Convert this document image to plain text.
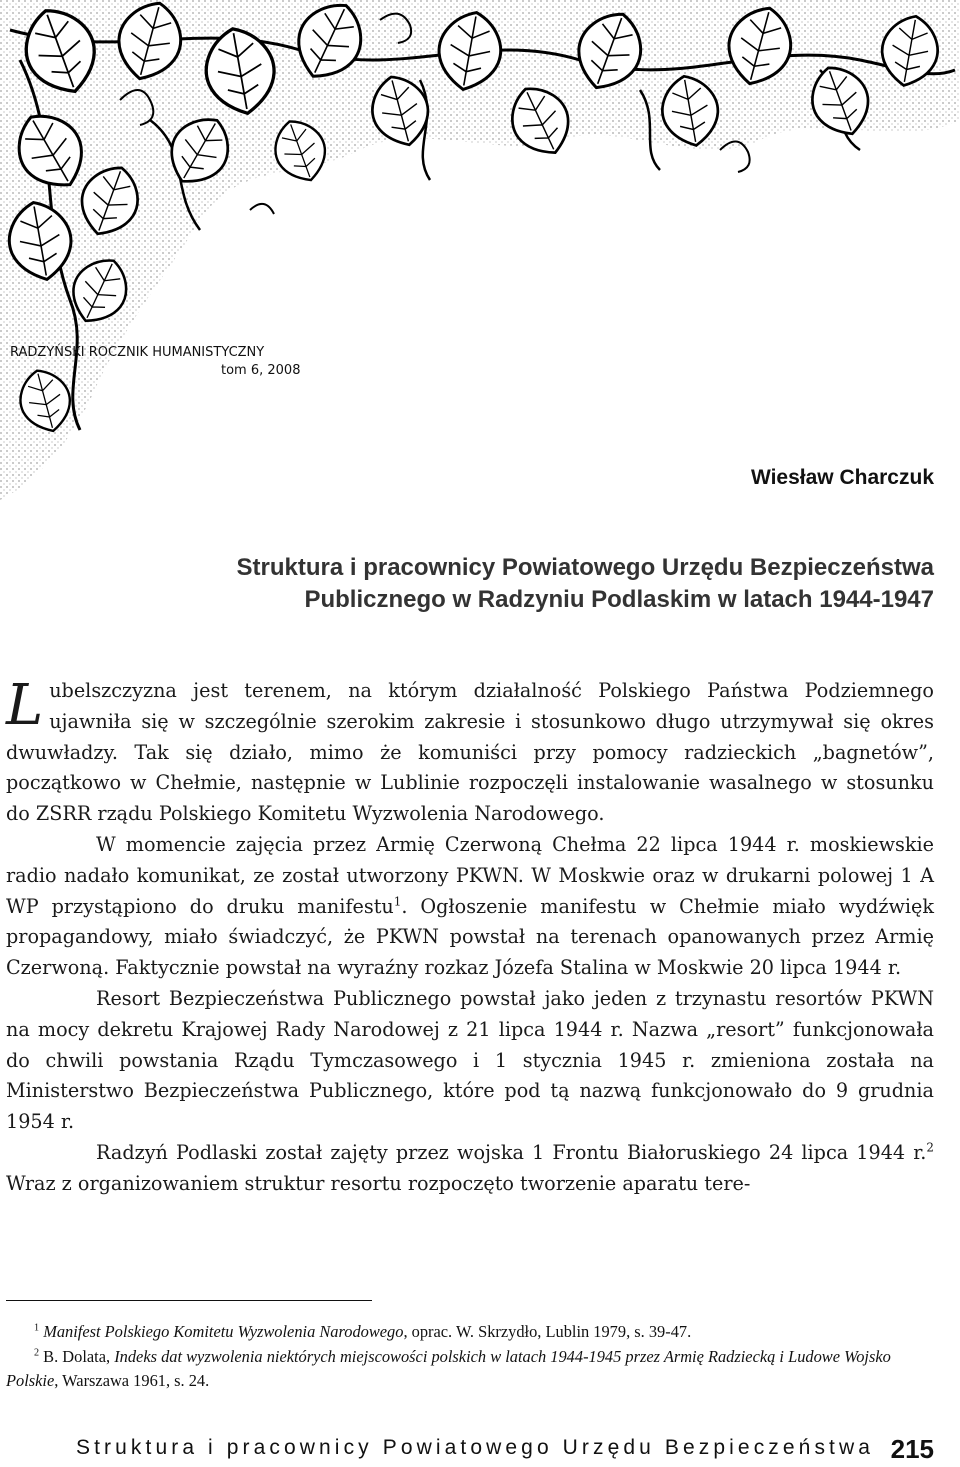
RADZYŃSKI ROCZNIK HUMANISTYCZNY
tom 6, 2008
Wiesław Charczuk
Struktura i pracownicy Powiatowego Urzędu Bezpieczeństwa
Publicznego w Radzyniu Podlaskim w latach 1944-1947

Lubelszczyzna jest terenem, na którym działalność Polskiego Państwa Podziemnego ujawniła się w szczególnie szerokim zakresie i stosunkowo długo utrzymywał się okres dwuwładzy. Tak się działo, mimo że komuniści przy pomocy radzieckich „bagnetów”, początkowo w Chełmie, następnie w Lublinie rozpoczęli instalowanie wasalnego w stosunku do ZSRR rządu Polskiego Komitetu Wyzwolenia Narodowego.

W momencie zajęcia przez Armię Czerwoną Chełma 22 lipca 1944 r. moskiewskie radio nadało komunikat, ze został utworzony PKWN. W Moskwie oraz w drukarni polowej 1 A WP przystąpiono do druku manifestu$^1$. Ogłoszenie manifestu w Chełmie miało wydźwięk propagandowy, miało świadczyć, że PKWN powstał na terenach opanowanych przez Armię Czerwoną. Faktycznie powstał na wyraźny rozkaz Józefa Stalina w Moskwie 20 lipca 1944 r.

Resort Bezpieczeństwa Publicznego powstał jako jeden z trzynastu resortów PKWN na mocy dekretu Krajowej Rady Narodowej z 21 lipca 1944 r. Nazwa „resort” funkcjonowała do chwili powstania Rządu Tymczasowego i 1 stycznia 1945 r. zmieniona została na Ministerstwo Bezpieczeństwa Publicznego, które pod tą nazwą funkcjonowało do 9 grudnia 1954 r.

Radzyń Podlaski został zajęty przez wojska 1 Frontu Białoruskiego 24 lipca 1944 r.$^2$ Wraz z organizowaniem struktur resortu rozpoczęto tworzenie aparatu tere-

$^1$ Manifest Polskiego Komitetu Wyzwolenia Narodowego, oprac. W. Skrzydło, Lublin 1979, s. 39-47.

$^2$ B. Dolata, Indeks dat wyzwolenia niektórych miejscowości polskich w latach 1944-1945 przez Armię Radziecką i Ludowe Wojsko Polskie, Warszawa 1961, s. 24.

Struktura i pracownicy Powiatowego Urzędu Bezpieczeństwa 215
